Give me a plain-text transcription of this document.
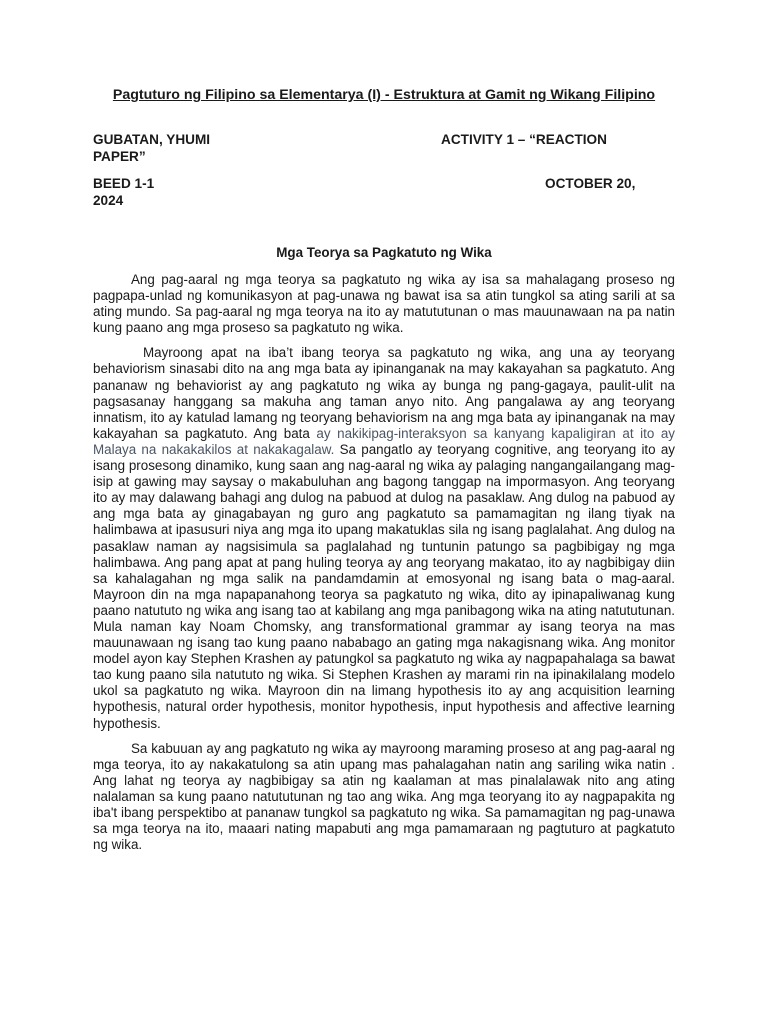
Pagtuturo ng Filipino sa Elementarya (I) - Estruktura at Gamit ng Wikang Filipino
GUBATAN, YHUMI	ACTIVITY 1 – “REACTION
PAPER”
BEED 1-1	OCTOBER 20,
2024
Mga Teorya sa Pagkatuto ng Wika

Ang pag-aaral ng mga teorya sa pagkatuto ng wika ay isa sa mahalagang proseso ng pagpapa-unlad ng komunikasyon at pag-unawa ng bawat isa sa atin tungkol sa ating sarili at sa ating mundo. Sa pag-aaral ng mga teorya na ito ay matututunan o mas mauunawaan na pa natin kung paano ang mga proseso sa pagkatuto ng wika.

Mayroong apat na iba’t ibang teorya sa pagkatuto ng wika, ang una ay teoryang behaviorism sinasabi dito na ang mga bata ay ipinanganak na may kakayahan sa pagkatuto. Ang pananaw ng behaviorist ay ang pagkatuto ng wika ay bunga ng pang-gagaya, paulit-ulit na pagsasanay hanggang sa makuha ang taman anyo nito. Ang pangalawa ay ang teoryang innatism, ito ay katulad lamang ng teoryang behaviorism na ang mga bata ay ipinanganak na may kakayahan sa pagkatuto. Ang bata ay nakikipag-interaksyon sa kanyang kapaligiran at ito ay Malaya na nakakakilos at nakakagalaw. Sa pangatlo ay teoryang cognitive, ang teoryang ito ay isang prosesong dinamiko, kung saan ang nag-aaral ng wika ay palaging nangangailangang mag-isip at gawing may saysay o makabuluhan ang bagong tanggap na impormasyon. Ang teoryang ito ay may dalawang bahagi ang dulog na pabuod at dulog na pasaklaw. Ang dulog na pabuod ay ang mga bata ay ginagabayan ng guro ang pagkatuto sa pamamagitan ng ilang tiyak na halimbawa at ipasusuri niya ang mga ito upang makatuklas sila ng isang paglalahat. Ang dulog na pasaklaw naman ay nagsisimula sa paglalahad ng tuntunin patungo sa pagbibigay ng mga halimbawa. Ang pang apat at pang huling teorya ay ang teoryang makatao, ito ay nagbibigay diin sa kahalagahan ng mga salik na pandamdamin at emosyonal ng isang bata o mag-aaral. Mayroon din na mga napapanahong teorya sa pagkatuto ng wika, dito ay ipinapaliwanag kung paano natututo ng wika ang isang tao at kabilang ang mga panibagong wika na ating natututunan. Mula naman kay Noam Chomsky, ang transformational grammar ay isang teorya na mas mauunawaan ng isang tao kung paano nababago an gating mga nakagisnang wika. Ang monitor model ayon kay Stephen Krashen ay patungkol sa pagkatuto ng wika ay nagpapahalaga sa bawat tao kung paano sila natututo ng wika. Si Stephen Krashen ay marami rin na ipinakilalang modelo ukol sa pagkatuto ng wika. Mayroon din na limang hypothesis ito ay ang acquisition learning hypothesis, natural order hypothesis, monitor hypothesis, input hypothesis and affective learning hypothesis.

Sa kabuuan ay ang pagkatuto ng wika ay mayroong maraming proseso at ang pag-aaral ng mga teorya, ito ay nakakatulong sa atin upang mas pahalagahan natin ang sariling wika natin . Ang lahat ng teorya ay nagbibigay sa atin ng kaalaman at mas pinalalawak nito ang ating nalalaman sa kung paano natututunan ng tao ang wika. Ang mga teoryang ito ay nagpapakita ng iba't ibang perspektibo at pananaw tungkol sa pagkatuto ng wika. Sa pamamagitan ng pag-unawa sa mga teorya na ito, maaari nating mapabuti ang mga pamamaraan ng pagtuturo at pagkatuto ng wika.
